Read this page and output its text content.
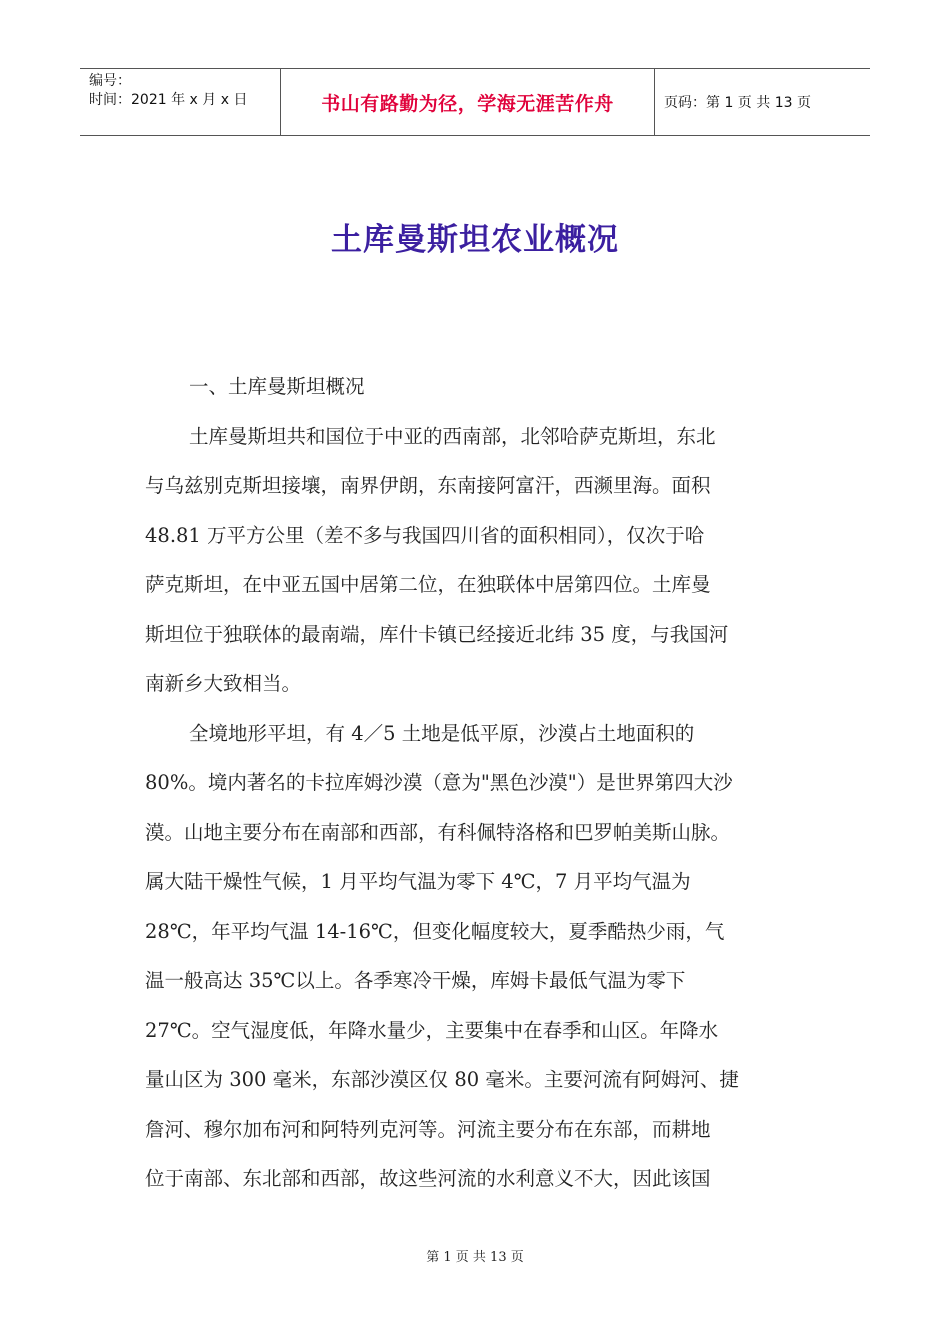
编号：
时间：2021 年 x 月 x 日	书山有路勤为径，学海无涯苦作舟	页码：第 1 页 共 13 页
土库曼斯坦农业概况
一、土库曼斯坦概况
土库曼斯坦共和国位于中亚的西南部，北邻哈萨克斯坦，东北
与乌兹别克斯坦接壤，南界伊朗，东南接阿富汗，西濒里海。面积
48.81 万平方公里（差不多与我国四川省的面积相同），仅次于哈
萨克斯坦，在中亚五国中居第二位，在独联体中居第四位。土库曼
斯坦位于独联体的最南端，库什卡镇已经接近北纬 35 度，与我国河
南新乡大致相当。
全境地形平坦，有 4／5 土地是低平原，沙漠占土地面积的
80%。境内著名的卡拉库姆沙漠（意为"黑色沙漠"）是世界第四大沙
漠。山地主要分布在南部和西部，有科佩特洛格和巴罗帕美斯山脉。
属大陆干燥性气候，1 月平均气温为零下 4℃，7 月平均气温为
28℃，年平均气温 14-16℃，但变化幅度较大，夏季酷热少雨，气
温一般高达 35℃以上。各季寒冷干燥，库姆卡最低气温为零下
27℃。空气湿度低，年降水量少，主要集中在春季和山区。年降水
量山区为 300 毫米，东部沙漠区仅 80 毫米。主要河流有阿姆河、捷
詹河、穆尔加布河和阿特列克河等。河流主要分布在东部，而耕地
位于南部、东北部和西部，故这些河流的水利意义不大，因此该国
第 1 页 共 13 页
